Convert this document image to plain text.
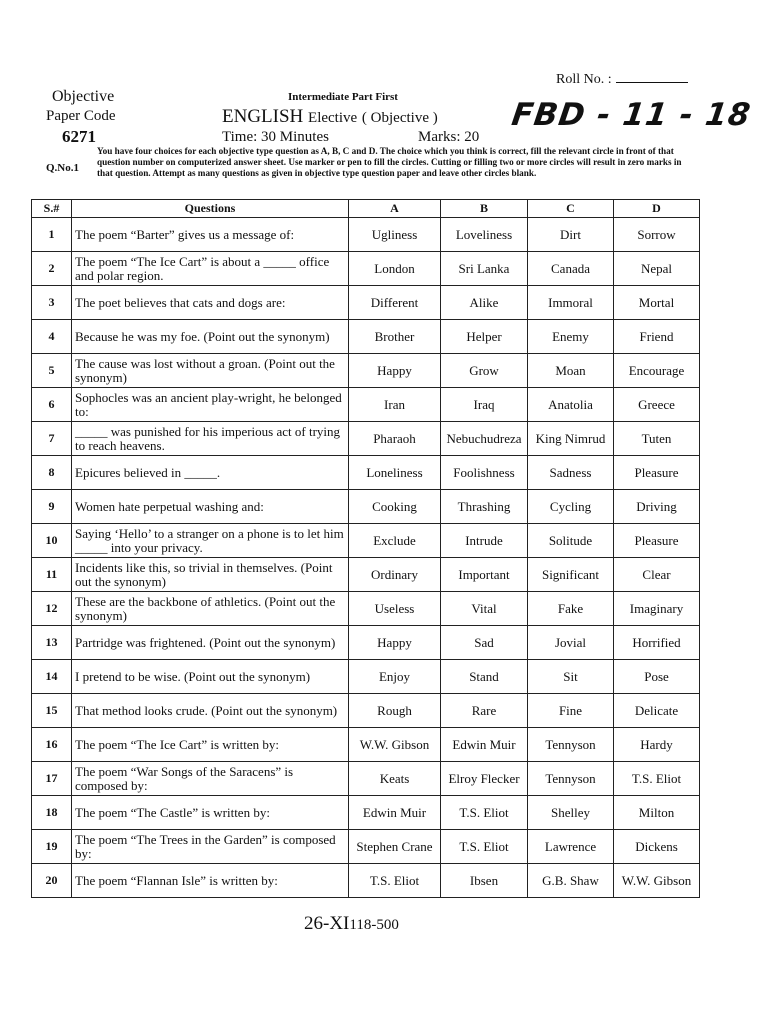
Roll No. :
FBD - 11 - 18
Objective
Paper Code
6271
Intermediate Part First
ENGLISH Elective ( Objective )
Time: 30 Minutes	Marks: 20
Q.No.1
You have four choices for each objective type question as A, B, C and D. The choice which you think is correct, fill the relevant circle in front of that question number on computerized answer sheet. Use marker or pen to fill the circles. Cutting or filling two or more circles will result in zero marks in that question. Attempt as many questions as given in objective type question paper and leave other circles blank.
S.#	Questions	A	B	C	D
1	The poem “Barter” gives us a message of:	Ugliness	Loveliness	Dirt	Sorrow
2	The poem “The Ice Cart” is about a _____ office and polar region.	London	Sri Lanka	Canada	Nepal
3	The poet believes that cats and dogs are:	Different	Alike	Immoral	Mortal
4	Because he was my foe. (Point out the synonym)	Brother	Helper	Enemy	Friend
5	The cause was lost without a groan. (Point out the synonym)	Happy	Grow	Moan	Encourage
6	Sophocles was an ancient play-wright, he belonged to:	Iran	Iraq	Anatolia	Greece
7	_____ was punished for his imperious act of trying to reach heavens.	Pharaoh	Nebuchudreza	King Nimrud	Tuten
8	Epicures believed in _____.	Loneliness	Foolishness	Sadness	Pleasure
9	Women hate perpetual washing and:	Cooking	Thrashing	Cycling	Driving
10	Saying ‘Hello’ to a stranger on a phone is to let him _____ into your privacy.	Exclude	Intrude	Solitude	Pleasure
11	Incidents like this, so trivial in themselves. (Point out the synonym)	Ordinary	Important	Significant	Clear
12	These are the backbone of athletics. (Point out the synonym)	Useless	Vital	Fake	Imaginary
13	Partridge was frightened. (Point out the synonym)	Happy	Sad	Jovial	Horrified
14	I pretend to be wise. (Point out the synonym)	Enjoy	Stand	Sit	Pose
15	That method looks crude. (Point out the synonym)	Rough	Rare	Fine	Delicate
16	The poem “The Ice Cart” is written by:	W.W. Gibson	Edwin Muir	Tennyson	Hardy
17	The poem “War Songs of the Saracens” is composed by:	Keats	Elroy Flecker	Tennyson	T.S. Eliot
18	The poem “The Castle” is written by:	Edwin Muir	T.S. Eliot	Shelley	Milton
19	The poem “The Trees in the Garden” is composed by:	Stephen Crane	T.S. Eliot	Lawrence	Dickens
20	The poem “Flannan Isle” is written by:	T.S. Eliot	Ibsen	G.B. Shaw	W.W. Gibson
26-XI118-500
